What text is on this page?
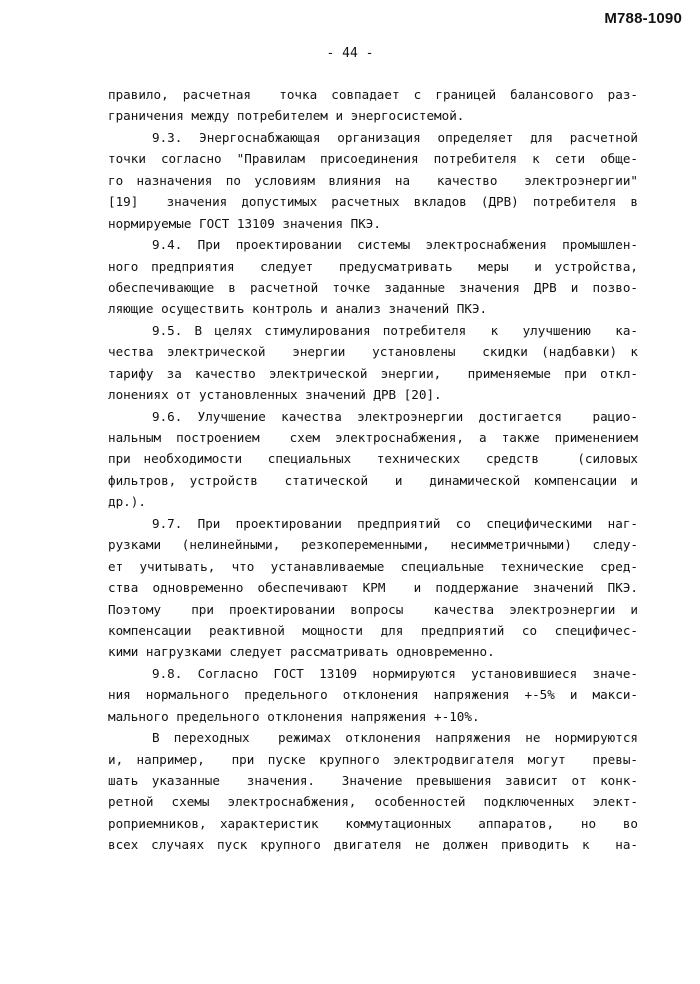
M788-1090
- 44 -
правило, расчетная  точка совпадает с границей балансового раз-
граничения между потребителем и энергосистемой.
9.3. Энергоснабжающая организация определяет для расчетной
точки согласно "Правилам присоединения потребителя к сети обще-
го назначения по условиям влияния на  качество  электроэнергии"
[19]  значения допустимых расчетных вкладов (ДРВ) потребителя в
нормируемые ГОСТ 13109 значения ПКЭ.
9.4. При проектировании системы электроснабжения промышлен-
ного предприятия  следует  предусматривать  меры  и устройства,
обеспечивающие в расчетной точке заданные значения ДРВ и позво-
ляющие осуществить контроль и анализ значений ПКЭ.
9.5. В целях стимулирования потребителя  к  улучшению  ка-
чества электрической  энергии  установлены  скидки (надбавки) к
тарифу за качество электрической энергии,  применяемые при откл-
лонениях от установленных значений ДРВ [20].
9.6. Улучшение качества электроэнергии достигается  рацио-
нальным построением  схем электроснабжения, а также применением
при необходимости  специальных  технических  средств   (силовых
фильтров, устройств  статической  и  динамической компенсации и
др.).
9.7. При проектировании предприятий со специфическими наг-
рузками (нелинейными, резкопеременными, несимметричными) следу-
ет учитывать, что устанавливаемые специальные технические сред-
ства одновременно обеспечивают КРМ  и поддержание значений ПКЭ.
Поэтому  при проектировании вопросы  качества электроэнергии и
компенсации реактивной мощности для предприятий со специфичес-
кими нагрузками следует рассматривать одновременно.
9.8. Согласно ГОСТ 13109 нормируются установившиеся значе-
ния нормального предельного отклонения напряжения +-5% и макси-
мального предельного отклонения напряжения +-10%.
В переходных  режимах отклонения напряжения не нормируются
и, например,  при пуске крупного электродвигателя могут  превы-
шать указанные  значения.  Значение превышения зависит от конк-
ретной схемы электроснабжения, особенностей подключенных элект-
роприемников, характеристик  коммутационных  аппаратов,  но  во
всех случаях пуск крупного двигателя не должен приводить к  на-
